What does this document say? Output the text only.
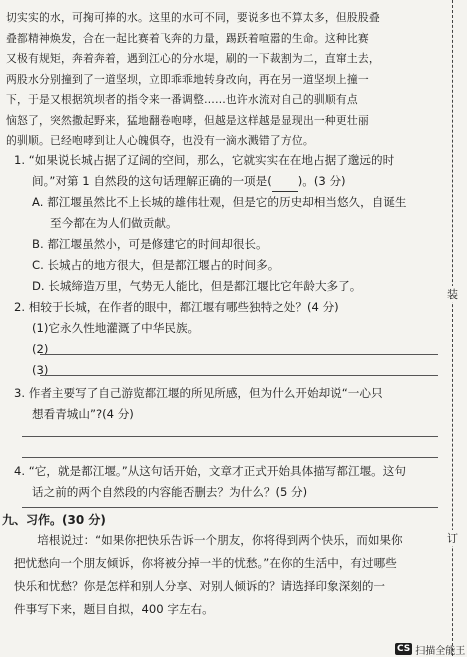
切实实的水，可掬可捧的水。这里的水可不同，要说多也不算太多，但股股叠

叠都精神焕发，合在一起比赛着飞奔的力量，踢跃着喧嚣的生命。这种比赛

又极有规矩，奔着奔着，遇到江心的分水堤，刷的一下裁割为二，直窜土去，

两股水分别撞到了一道坚坝，立即乖乖地转身改向，再在另一道坚坝上撞一

下，于是又根据筑坝者的指令来一番调整……也许水流对自己的驯顺有点

恼怒了，突然撒起野来，猛地翻卷咆哮，但越是这样越是显现出一种更壮丽

的驯顺。已经咆哮到让人心魄俱夺，也没有一滴水溅错了方位。

1. “如果说长城占据了辽阔的空间，那么，它就实实在在地占据了邈远的时

间。”对第 1 自然段的这句话理解正确的一项是( )。(3 分)

A. 都江堰虽然比不上长城的雄伟壮观，但是它的历史却相当悠久，自诞生

至今都在为人们做贡献。

B. 都江堰虽然小，可是修建它的时间却很长。

C. 长城占的地方很大，但是都江堰占的时间多。

D. 长城缔造万里，气势无人能比，但是都江堰比它年龄大多了。

2. 相较于长城，在作者的眼中，都江堰有哪些独特之处？(4 分)

(1)它永久性地灌溉了中华民族。

(2)

(3)

3. 作者主要写了自己游览都江堰的所见所感，但为什么开始却说“一心只

想看青城山”?(4 分)

4. “它，就是都江堰。”从这句话开始，文章才正式开始具体描写都江堰。这句

话之前的两个自然段的内容能否删去？为什么？(5 分)

九、习作。(30 分)

培根说过：“如果你把快乐告诉一个朋友，你将得到两个快乐，而如果你

把忧愁向一个朋友倾诉，你将被分掉一半的忧愁。”在你的生活中，有过哪些

快乐和忧愁？你是怎样和别人分享、对别人倾诉的？请选择印象深刻的一

件事写下来，题目自拟，400 字左右。

装
订
CS 扫描全能王
